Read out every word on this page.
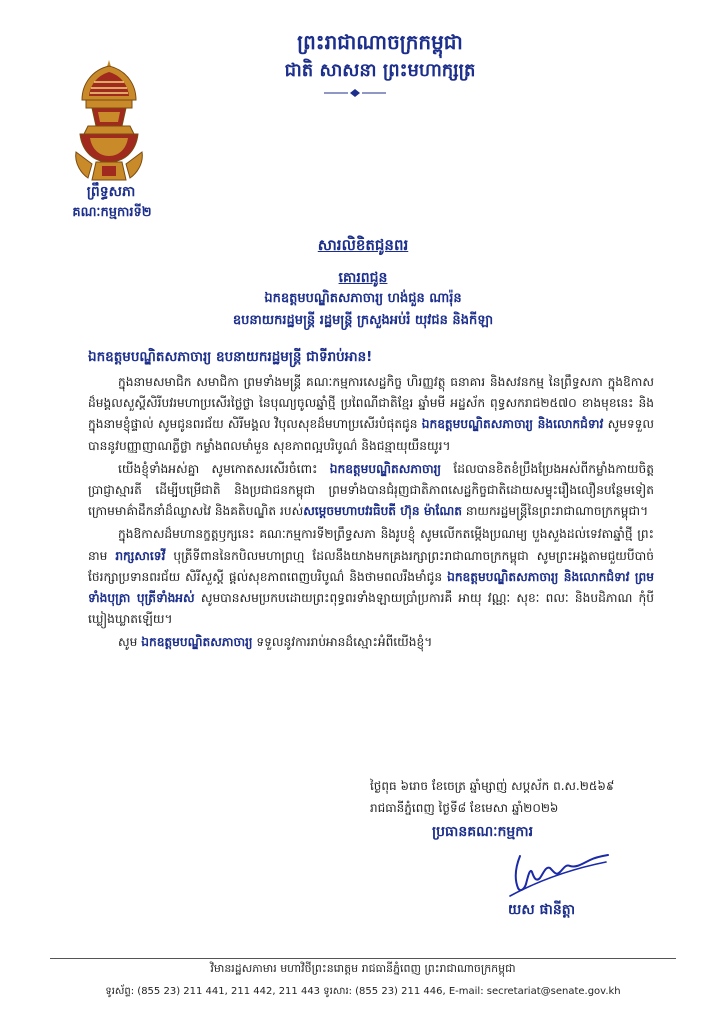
ព្រះរាជាណាចក្រកម្ពុជា
ជាតិ សាសនា ព្រះមហាក្សត្រ
ព្រឹទ្ធសភា
គណៈកម្មការទី២
សារលិខិតជូនពរ
គោរពជូន
ឯកឧត្តមបណ្ឌិតសភាចារ្យ ហង់ជួន ណារ៉ុន
ឧបនាយករដ្ឋមន្ត្រី រដ្ឋមន្ត្រី ក្រសួងអប់រំ យុវជន និងកីឡា
ឯកឧត្តមបណ្ឌិតសភាចារ្យ ឧបនាយករដ្ឋមន្ត្រី ជាទីរាប់អាន!

ក្នុងនាមសមាជិក សមាជិកា ព្រមទាំងមន្ត្រី គណៈកម្មការសេដ្ឋកិច្ច ហិរញ្ញវត្ថុ ធនាគារ និងសវនកម្ម នៃព្រឹទ្ធសភា ក្នុងឱកាសដ៏មង្គលសួស្តីសិរីបវរមហាប្រសើរថ្លៃថ្លា នៃបុណ្យចូលឆ្នាំថ្មី ប្រពៃណីជាតិខ្មែរ ឆ្នាំមមី អដ្ឋស័ក ពុទ្ធសករាជ២៥៧០ ខាងមុខនេះ និងក្នុងនាមខ្ញុំផ្ទាល់ សូមជូនពរជ័យ សិរីមង្គល វិបុលសុខដ៏មហាប្រសើរបំផុតជូន ឯកឧត្តមបណ្ឌិតសភាចារ្យ និងលោកជំទាវ សូមទទួលបាននូវបញ្ញាញាណភ្លឺថ្លា កម្លាំងពលមាំមួន សុខភាពល្អបរិបូណ៌ និងជន្មាយុយឺនយូរ។

យើងខ្ញុំទាំងអស់គ្នា សូមកោតសរសើរចំពោះ ឯកឧត្តមបណ្ឌិតសភាចារ្យ ដែលបានខិតខំប្រឹងប្រែងអស់ពីកម្លាំងកាយចិត្ត ប្រាជ្ញាស្មារតី ដើម្បីបម្រើជាតិ និងប្រជាជនកម្ពុជា ព្រមទាំងបានជំរុញជាតិភាពសេដ្ឋកិច្ចជាតិដោយសម្ទុះរឿងលឿនបន្ថែមទៀត ក្រោមមាគ៌ាដឹកនាំដ៏ឈ្លាសវៃ និងគតិបណ្ឌិត របស់សម្តេចមហាបវរធិបតី ហ៊ុន ម៉ាណែត នាយករដ្ឋមន្ត្រីនៃព្រះរាជាណាចក្រកម្ពុជា។

ក្នុងឱកាសដ៏មហានក្ខត្តឫក្សនេះ គណៈកម្មការទី២ព្រឹទ្ធសភា និងរូបខ្ញុំ សូមលើកតម្កើងប្រណម្យ បួងសួងដល់ទេវតាឆ្នាំថ្មី ព្រះនាម រាក្សសាទេវី បុត្រីទីពាននៃកបិលមហាព្រហ្ម ដែលនឹងយាងមកគ្រងរក្សាព្រះរាជាណាចក្រកម្ពុជា សូមព្រះអង្គតាមជួយបីបាច់ថែរក្សាប្រទានពរជ័យ សិរីសួស្តី ផ្តល់សុខភាពពេញបរិបូណ៌ និងថាមពលរឹងមាំជូន ឯកឧត្តមបណ្ឌិតសភាចារ្យ និងលោកជំទាវ ព្រមទាំងបុត្រា បុត្រីទាំងអស់ សូមបានសមប្រកបដោយព្រះពុទ្ធពរទាំងឡាយប្រាំប្រការគឺ អាយុ វណ្ណៈ សុខៈ ពលៈ និងបដិភាណ កុំបីឃ្លៀងឃ្លាតឡើយ។

សូម ឯកឧត្តមបណ្ឌិតសភាចារ្យ ទទួលនូវការរាប់អានដ៏ស្មោះអំពីយើងខ្ញុំ។

ថ្ងៃពុធ ៦រោច ខែចេត្រ ឆ្នាំម្សាញ់ សប្តស័ក ព.ស.២៥៦៩
រាជធានីភ្នំពេញ ថ្ងៃទី៨ ខែមេសា ឆ្នាំ២០២៦
ប្រធានគណៈកម្មការ
យស ផានីត្តា
វិមានរដ្ឋសភាមារ មហាវិថីព្រះនរោត្តម រាជធានីភ្នំពេញ ព្រះរាជាណាចក្រកម្ពុជា
ទូរស័ព្ទ: (855 23) 211 441, 211 442, 211 443 ទូរសារ: (855 23) 211 446, E-mail: secretariat@senate.gov.kh
